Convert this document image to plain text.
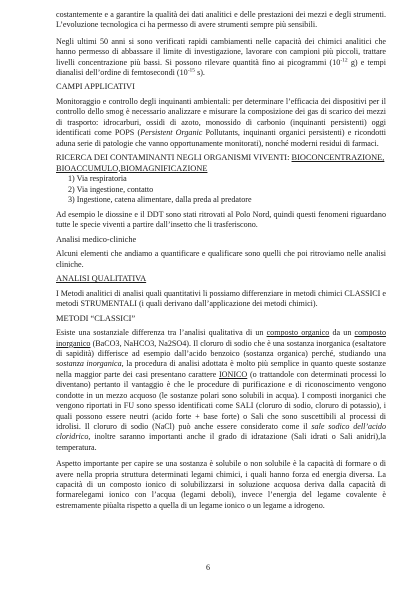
costantemente e a garantire la qualità dei dati analitici e delle prestazioni dei mezzi e degli strumenti. L’evoluzione tecnologica ci ha permesso di avere strumenti sempre più sensibili.

Negli ultimi 50 anni si sono verificati rapidi cambiamenti nelle capacità dei chimici analitici che hanno permesso di abbassare il limite di investigazione, lavorare con campioni più piccoli, trattare livelli concentrazione più bassi. Si possono rilevare quantità fino ai picogrammi ($10^{-12}$ g) e tempi dianalisi dell’ordine di femtosecondi ($10^{-15}$ s).

CAMPI APPLICATIVI

Monitoraggio e controllo degli inquinanti ambientali: per determinare l’efficacia dei dispositivi per il controllo dello smog è necessario analizzare e misurare la composizione dei gas di scarico dei mezzi di trasporto: idrocarburi, ossidi di azoto, monossido di carbonio (inquinanti persistenti) oggi identificati come POPS (Persistent Organic Pollutants, inquinanti organici persistenti) e ricondotti aduna serie di patologie che vanno opportunamente monitorati), nonché moderni residui di farmaci.

RICERCA DEI CONTAMINANTI NEGLI ORGANISMI VIVENTI: BIOCONCENTRAZIONE, BIOACCUMULO,BIOMAGNIFICAZIONE

1) Via respiratoria
2) Via ingestione, contatto
3) Ingestione, catena alimentare, dalla preda al predatore

Ad esempio le diossine e il DDT sono stati ritrovati al Polo Nord, quindi questi fenomeni riguardano tutte le specie viventi a partire dall’insetto che li trasferiscono.

Analisi medico-cliniche

Alcuni elementi che andiamo a quantificare e qualificare sono quelli che poi ritroviamo nelle analisi cliniche.

ANALISI QUALITATIVA

I Metodi analitici di analisi quali quantitativi li possiamo differenziare in metodi chimici CLASSICI e metodi STRUMENTALI (i quali derivano dall’applicazione dei metodi chimici).

METODI “CLASSICI”

Esiste una sostanziale differenza tra l’analisi qualitativa di un composto organico da un composto inorganico (BaCO3, NaHCO3, Na2SO4). Il cloruro di sodio che è una sostanza inorganica (esaltatore di sapidità) differisce ad esempio dall’acido benzoico (sostanza organica) perché, studiando una sostanza inorganica, la procedura di analisi adottata è molto più semplice in quanto queste sostanze nella maggior parte dei casi presentano carattere IONICO (o trattandole con determinati processi lo diventano) pertanto il vantaggio è che le procedure di purificazione e di riconoscimento vengono condotte in un mezzo acquoso (le sostanze polari sono solubili in acqua). I composti inorganici che vengono riportati in FU sono spesso identificati come SALI (cloruro di sodio, cloruro di potassio), i quali possono essere neutri (acido forte + base forte) o Sali che sono suscettibili al processi di idrolisi. Il cloruro di sodio (NaCl) può anche essere considerato come il sale sodico dell’acido cloridrico, inoltre saranno importanti anche il grado di idratazione (Sali idrati o Sali anidri),la temperatura.

Aspetto importante per capire se una sostanza è solubile o non solubile è la capacità di formare o di avere nella propria struttura determinati legami chimici, i quali hanno forza ed energia diversa. La capacità di un composto ionico di solubilizzarsi in soluzione acquosa deriva dalla capacità di formarelegami ionico con l’acqua (legami deboli), invece l’energia del legame covalente è estremamente piùalta rispetto a quella di un legame ionico o un legame a idrogeno.

6
